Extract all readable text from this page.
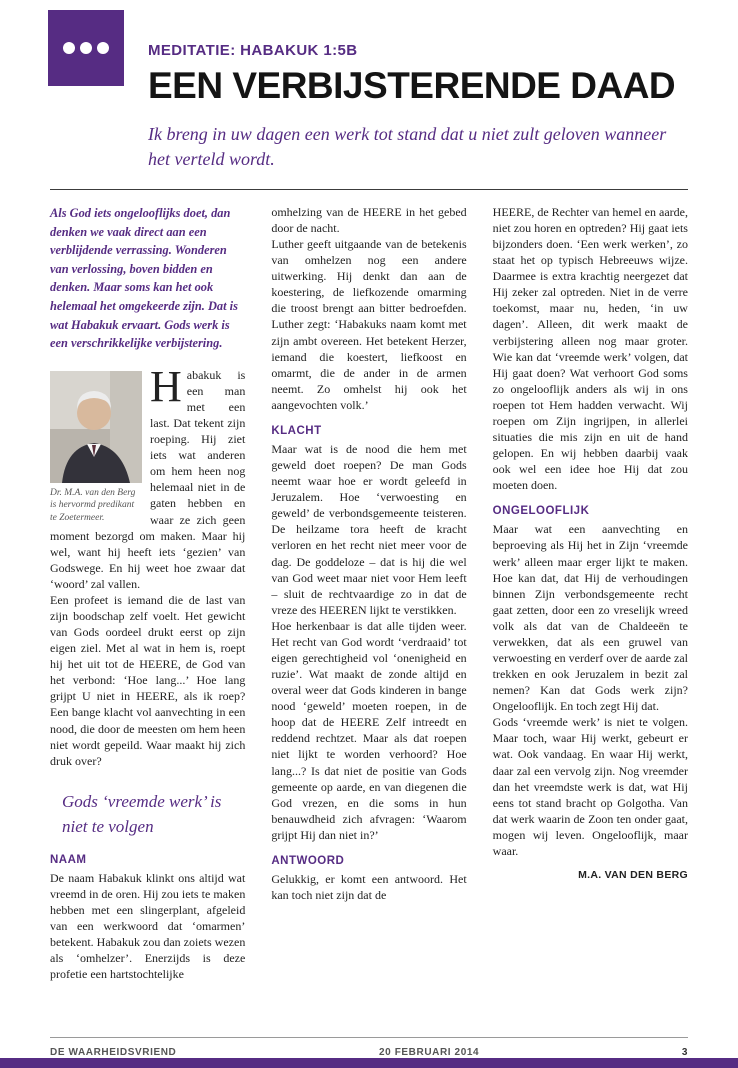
MEDITATIE: HABAKUK 1:5B
EEN VERBIJSTERENDE DAAD
Ik breng in uw dagen een werk tot stand dat u niet zult geloven wanneer het verteld wordt.

Als God iets ongelooflijks doet, dan denken we vaak direct aan een verblijdende verrassing. Wonderen van verlossing, boven bidden en denken. Maar soms kan het ook helemaal het omgekeerde zijn. Dat is wat Habakuk ervaart. Gods werk is een verschrikkelijke verbijstering.

Dr. M.A. van den Berg is hervormd predikant te Zoetermeer.

Habakuk is een man met een last. Dat tekent zijn roeping. Hij ziet iets wat anderen om hem heen nog helemaal niet in de gaten hebben en waar ze zich geen moment bezorgd om maken. Maar hij wel, want hij heeft iets ‘gezien’ van Godswege. En hij weet hoe zwaar dat ‘woord’ zal vallen.

Een profeet is iemand die de last van zijn boodschap zelf voelt. Het gewicht van Gods oordeel drukt eerst op zijn eigen ziel. Met al wat in hem is, roept hij het uit tot de HEERE, de God van het verbond: ‘Hoe lang...’ Hoe lang grijpt U niet in HEERE, als ik roep? Een bange klacht vol aanvechting in een nood, die door de meesten om hem heen niet wordt gepeild. Waar maakt hij zich druk over?

Gods ‘vreemde werk’ is niet te volgen
NAAM

De naam Habakuk klinkt ons altijd wat vreemd in de oren. Hij zou iets te maken hebben met een slingerplant, afgeleid van een werkwoord dat ‘omarmen’ betekent. Habakuk zou dan zoiets wezen als ‘omhelzer’. Enerzijds is deze profetie een hartstochtelijke

omhelzing van de HEERE in het gebed door de nacht.

Luther geeft uitgaande van de betekenis van omhelzen nog een andere uitwerking. Hij denkt dan aan de koestering, de liefkozende omarming die troost brengt aan bitter bedroefden. Luther zegt: ‘Habakuks naam komt met zijn ambt overeen. Het betekent Herzer, iemand die koestert, liefkoost en omarmt, die de ander in de armen neemt. Zo omhelst hij ook het aangevochten volk.’

KLACHT

Maar wat is de nood die hem met geweld doet roepen? De man Gods neemt waar hoe er wordt geleefd in Jeruzalem. Hoe ‘verwoesting en geweld’ de verbondsgemeente teisteren. De heilzame tora heeft de kracht verloren en het recht niet meer voor de dag. De goddeloze – dat is hij die wel van God weet maar niet voor Hem leeft – sluit de rechtvaardige zo in dat de vreze des HEEREN lijkt te verstikken.

Hoe herkenbaar is dat alle tijden weer. Het recht van God wordt ‘verdraaid’ tot eigen gerechtigheid vol ‘onenigheid en ruzie’. Wat maakt de zonde altijd en overal weer dat Gods kinderen in bange nood ‘geweld’ moeten roepen, in de hoop dat de HEERE Zelf intreedt en reddend rechtzet. Maar als dat roepen niet lijkt te worden verhoord? Hoe lang...? Is dat niet de positie van Gods gemeente op aarde, en van diegenen die God vrezen, en die soms in hun benauwdheid zich afvragen: ‘Waarom grijpt Hij dan niet in?’

ANTWOORD

Gelukkig, er komt een antwoord. Het kan toch niet zijn dat de

HEERE, de Rechter van hemel en aarde, niet zou horen en optreden? Hij gaat iets bijzonders doen. ‘Een werk werken’, zo staat het op typisch Hebreeuws wijze. Daarmee is extra krachtig neergezet dat Hij zeker zal optreden. Niet in de verre toekomst, maar nu, heden, ‘in uw dagen’. Alleen, dit werk maakt de verbijstering alleen nog maar groter. Wie kan dat ‘vreemde werk’ volgen, dat Hij gaat doen? Wat verhoort God soms zo ongelooflijk anders als wij in ons roepen tot Hem hadden verwacht. Wij roepen om Zijn ingrijpen, in allerlei situaties die mis zijn en uit de hand gelopen. En wij hebben daarbij vaak ook wel een idee hoe Hij dat zou moeten doen.

ONGELOOFLIJK

Maar wat een aanvechting en beproeving als Hij het in Zijn ‘vreemde werk’ alleen maar erger lijkt te maken. Hoe kan dat, dat Hij de verhoudingen binnen Zijn verbondsgemeente recht gaat zetten, door een zo vreselijk wreed volk als dat van de Chaldeeën te verwekken, dat als een gruwel van verwoesting en verderf over de aarde zal trekken en ook Jeruzalem in bezit zal nemen? Kan dat Gods werk zijn? Ongelooflijk. En toch zegt Hij dat.

Gods ‘vreemde werk’ is niet te volgen. Maar toch, waar Hij werkt, gebeurt er wat. Ook vandaag. En waar Hij werkt, daar zal een vervolg zijn. Nog vreemder dan het vreemdste werk is dat, wat Hij eens tot stand bracht op Golgotha. Van dat werk waarin de Zoon ten onder gaat, mogen wij leven. Ongelooflijk, maar waar.

M.A. VAN DEN BERG
DE WAARHEIDSVRIEND	20 FEBRUARI 2014	3
